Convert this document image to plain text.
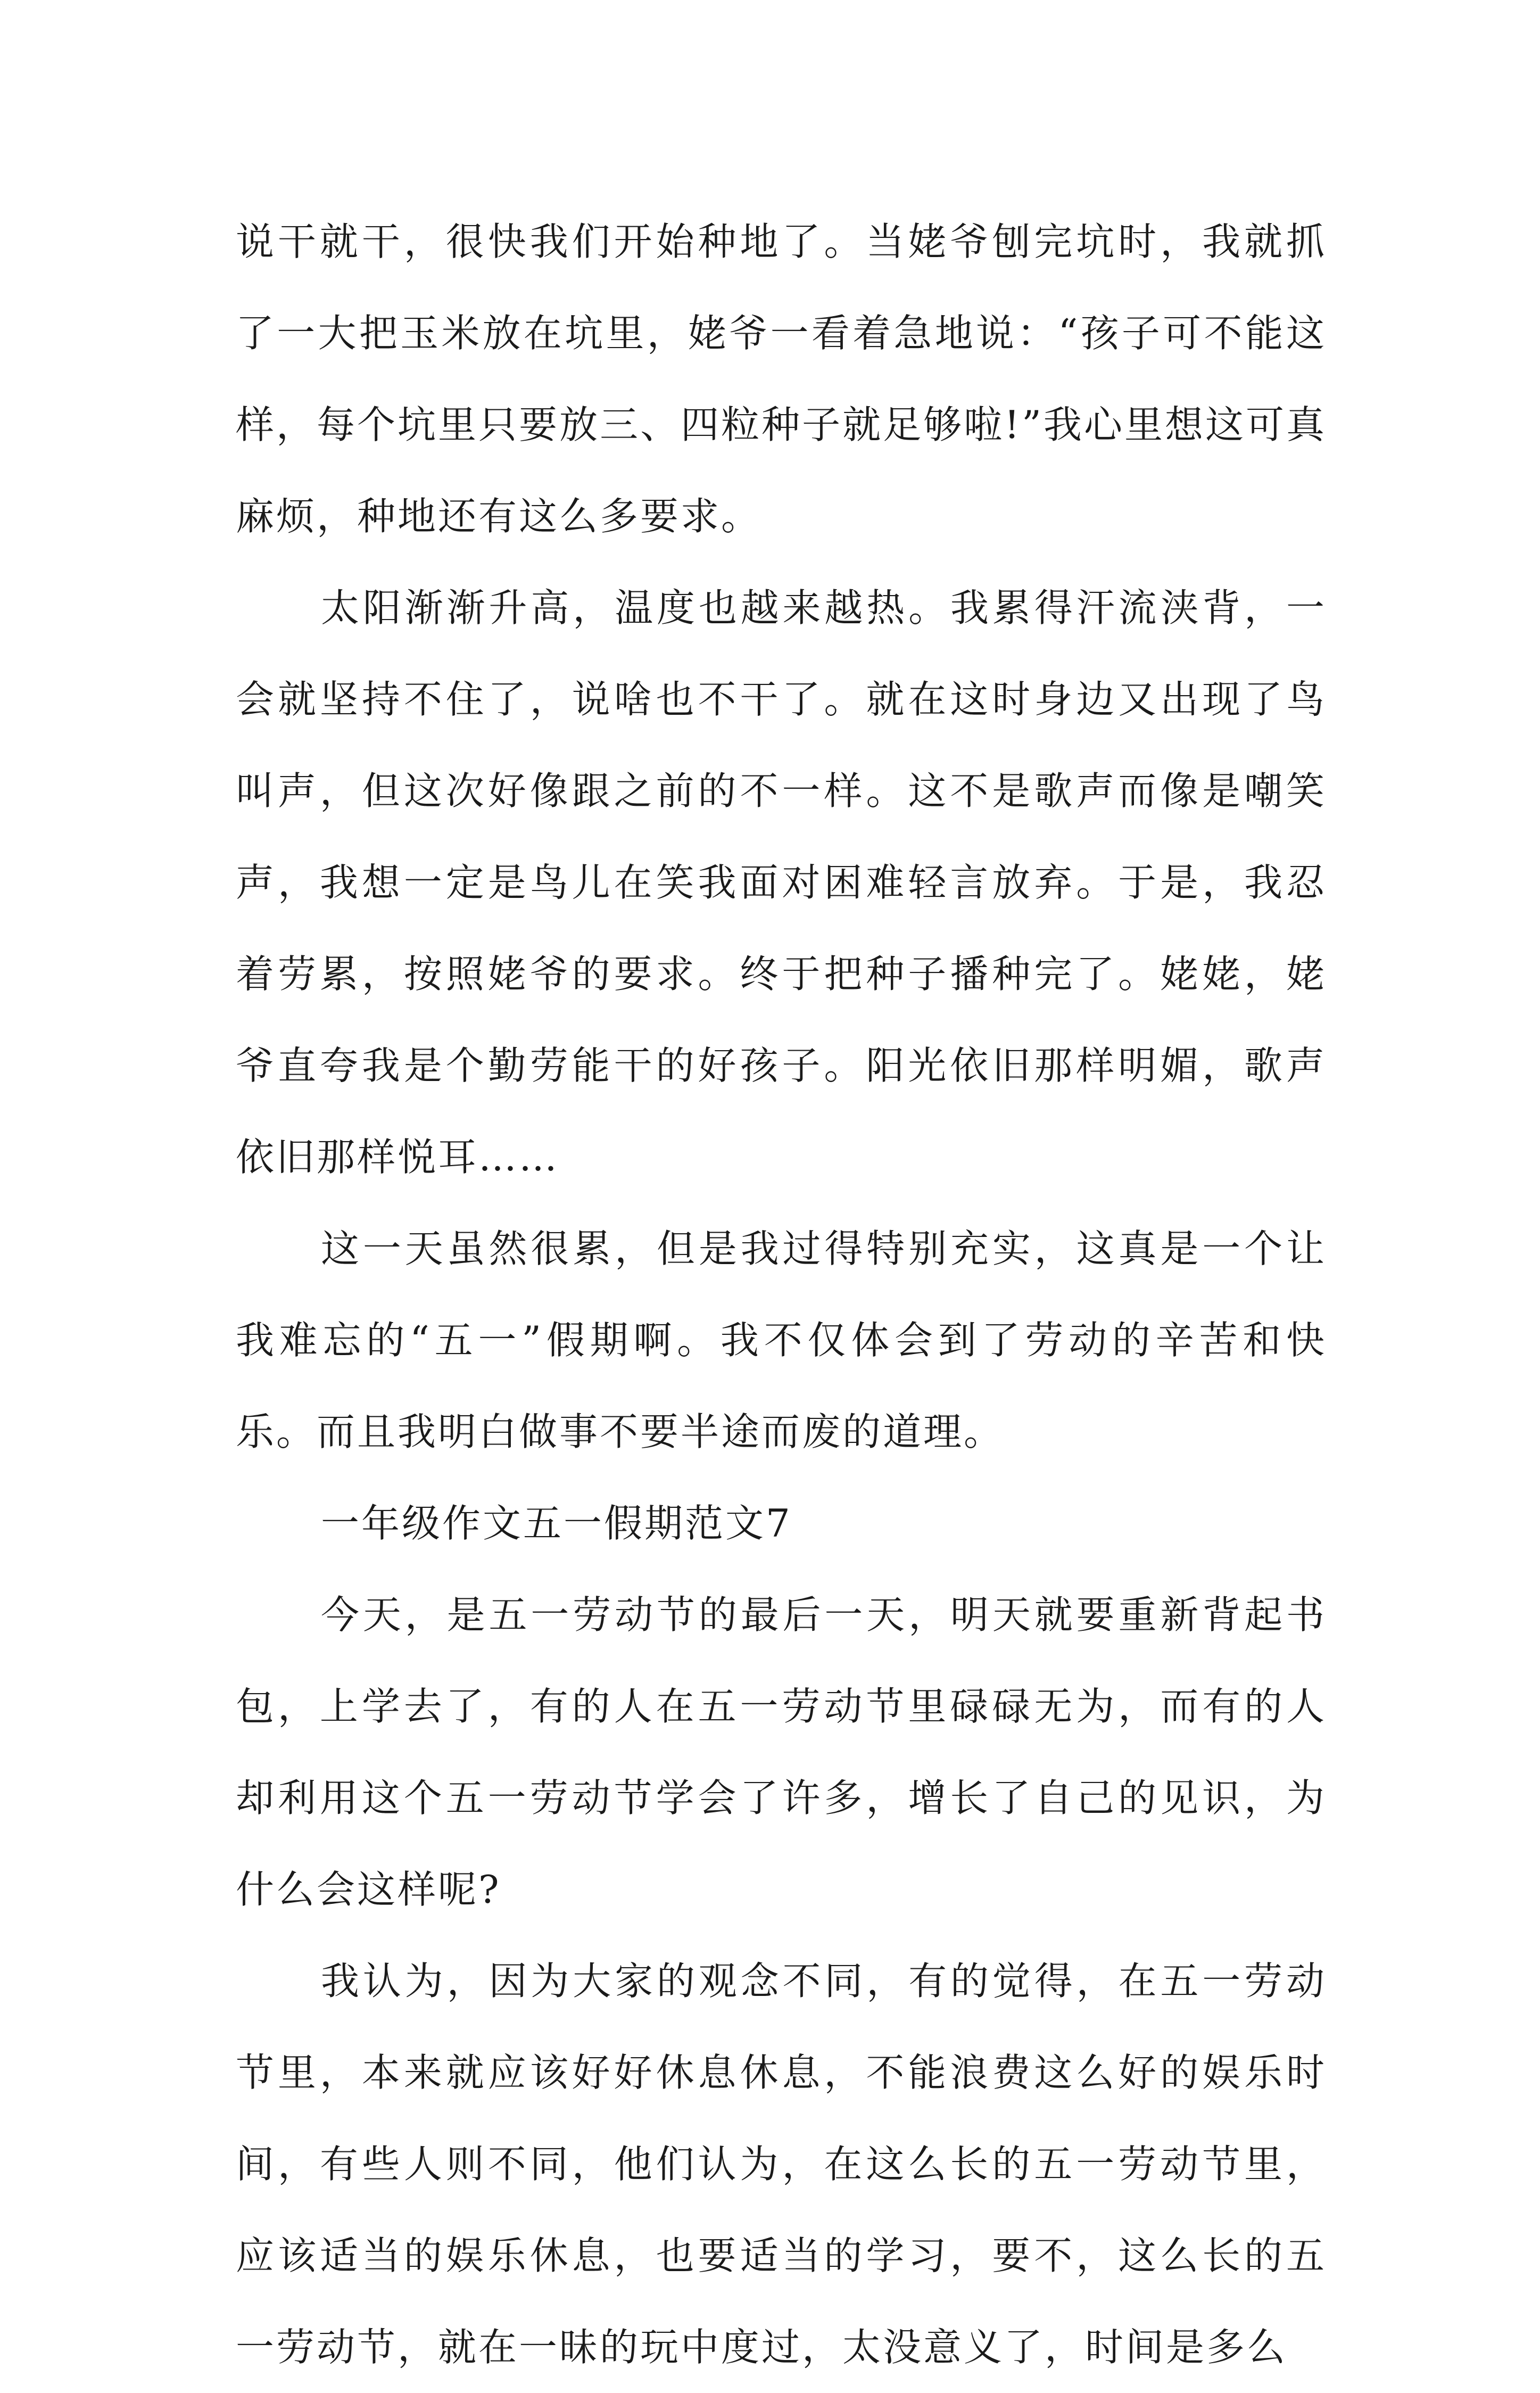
说干就干，很快我们开始种地了。当姥爷刨完坑时，我就抓了一大把玉米放在坑里，姥爷一看着急地说：“孩子可不能这样，每个坑里只要放三、四粒种子就足够啦!”我心里想这可真麻烦，种地还有这么多要求。

太阳渐渐升高，温度也越来越热。我累得汗流浃背，一会就坚持不住了，说啥也不干了。就在这时身边又出现了鸟叫声，但这次好像跟之前的不一样。这不是歌声而像是嘲笑声，我想一定是鸟儿在笑我面对困难轻言放弃。于是，我忍着劳累，按照姥爷的要求。终于把种子播种完了。姥姥，姥爷直夸我是个勤劳能干的好孩子。阳光依旧那样明媚，歌声依旧那样悦耳……

这一天虽然很累，但是我过得特别充实，这真是一个让我难忘的“五一”假期啊。我不仅体会到了劳动的辛苦和快乐。而且我明白做事不要半途而废的道理。

一年级作文五一假期范文7

今天，是五一劳动节的最后一天，明天就要重新背起书包，上学去了，有的人在五一劳动节里碌碌无为，而有的人却利用这个五一劳动节学会了许多，增长了自己的见识，为什么会这样呢?

我认为，因为大家的观念不同，有的觉得，在五一劳动节里，本来就应该好好休息休息，不能浪费这么好的娱乐时间，有些人则不同，他们认为，在这么长的五一劳动节里，应该适当的娱乐休息，也要适当的学习，要不，这么长的五一劳动节，就在一昧的玩中度过，太没意义了，时间是多么
